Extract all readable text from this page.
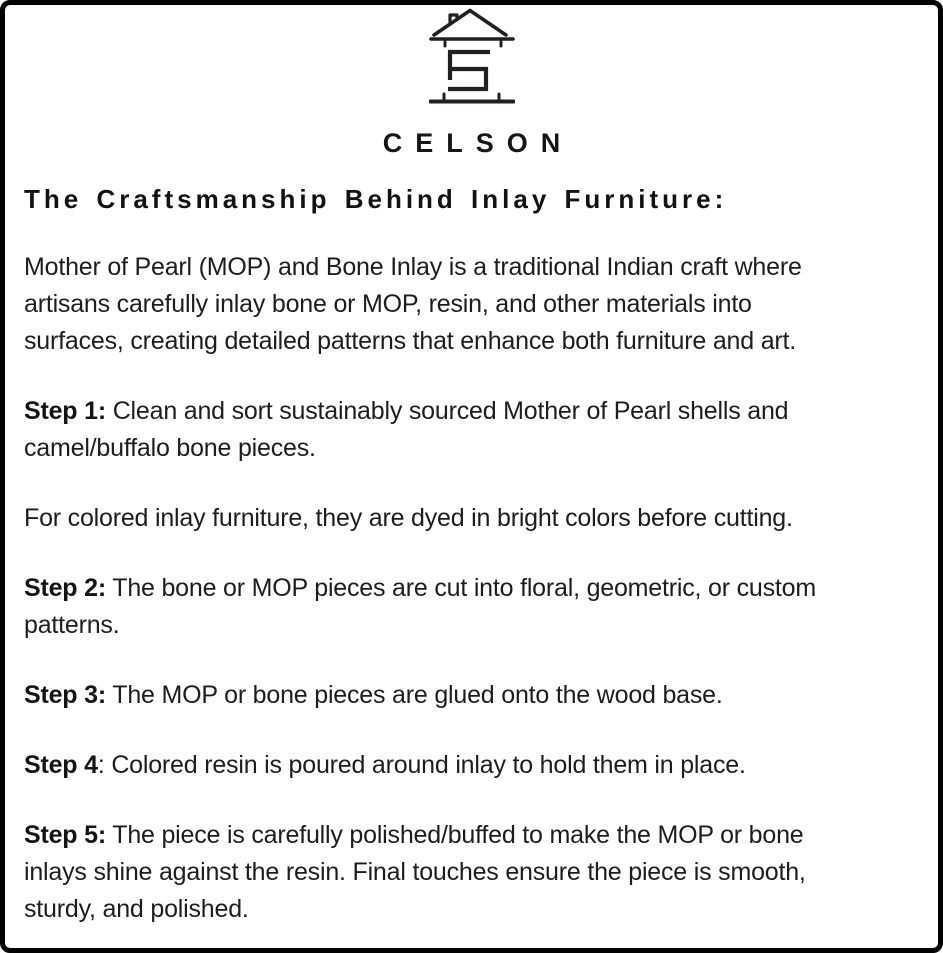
CELSON
The Craftsmanship Behind Inlay Furniture:
Mother of Pearl (MOP) and Bone Inlay is a traditional Indian craft where
artisans carefully inlay bone or MOP, resin, and other materials into
surfaces, creating detailed patterns that enhance both furniture and art.
Step 1: Clean and sort sustainably sourced Mother of Pearl shells and
camel/buffalo bone pieces.
For colored inlay furniture, they are dyed in bright colors before cutting.
Step 2: The bone or MOP pieces are cut into floral, geometric, or custom
patterns.
Step 3: The MOP or bone pieces are glued onto the wood base.
Step 4: Colored resin is poured around inlay to hold them in place.
Step 5: The piece is carefully polished/buffed to make the MOP or bone
inlays shine against the resin. Final touches ensure the piece is smooth,
sturdy, and polished.
